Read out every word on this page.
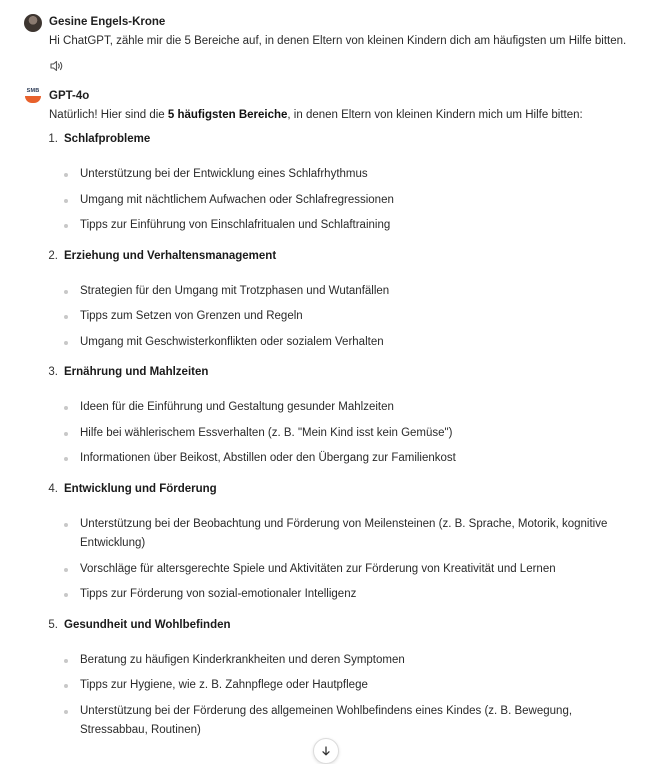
Gesine Engels-Krone
Hi ChatGPT, zähle mir die 5 Bereiche auf, in denen Eltern von kleinen Kindern dich am häufigsten um Hilfe bitten.
SMB GPT-4o
Natürlich! Hier sind die 5 häufigsten Bereiche, in denen Eltern von kleinen Kindern mich um Hilfe bitten:
1. Schlafprobleme
Unterstützung bei der Entwicklung eines Schlafrhythmus
Umgang mit nächtlichem Aufwachen oder Schlafregressionen
Tipps zur Einführung von Einschlafritualen und Schlaftraining
2. Erziehung und Verhaltensmanagement
Strategien für den Umgang mit Trotzphasen und Wutanfällen
Tipps zum Setzen von Grenzen und Regeln
Umgang mit Geschwisterkonflikten oder sozialem Verhalten
3. Ernährung und Mahlzeiten
Ideen für die Einführung und Gestaltung gesunder Mahlzeiten
Hilfe bei wählerischem Essverhalten (z. B. "Mein Kind isst kein Gemüse")
Informationen über Beikost, Abstillen oder den Übergang zur Familienkost
4. Entwicklung und Förderung
Unterstützung bei der Beobachtung und Förderung von Meilensteinen (z. B. Sprache, Motorik, kognitive Entwicklung)
Vorschläge für altersgerechte Spiele und Aktivitäten zur Förderung von Kreativität und Lernen
Tipps zur Förderung von sozial-emotionaler Intelligenz
5. Gesundheit und Wohlbefinden
Beratung zu häufigen Kinderkrankheiten und deren Symptomen
Tipps zur Hygiene, wie z. B. Zahnpflege oder Hautpflege
Unterstützung bei der Förderung des allgemeinen Wohlbefindens eines Kindes (z. B. Bewegung, Stressabbau, Routinen)
